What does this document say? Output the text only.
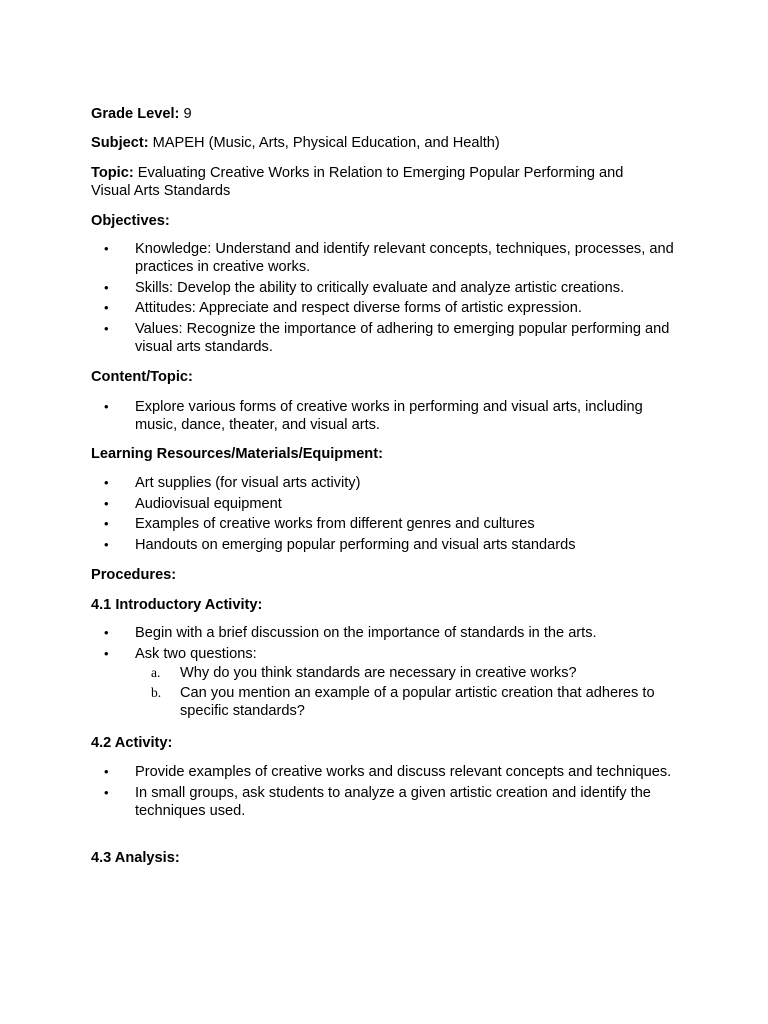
Grade Level: 9

Subject: MAPEH (Music, Arts, Physical Education, and Health)

Topic: Evaluating Creative Works in Relation to Emerging Popular Performing and Visual Arts Standards

Objectives:

• Knowledge: Understand and identify relevant concepts, techniques, processes, and practices in creative works.
• Skills: Develop the ability to critically evaluate and analyze artistic creations.
• Attitudes: Appreciate and respect diverse forms of artistic expression.
• Values: Recognize the importance of adhering to emerging popular performing and visual arts standards.

Content/Topic:

• Explore various forms of creative works in performing and visual arts, including music, dance, theater, and visual arts.

Learning Resources/Materials/Equipment:

• Art supplies (for visual arts activity)
• Audiovisual equipment
• Examples of creative works from different genres and cultures
• Handouts on emerging popular performing and visual arts standards

Procedures:

4.1 Introductory Activity:

• Begin with a brief discussion on the importance of standards in the arts.
• Ask two questions:
a. Why do you think standards are necessary in creative works?
b. Can you mention an example of a popular artistic creation that adheres to specific standards?

4.2 Activity:

• Provide examples of creative works and discuss relevant concepts and techniques.
• In small groups, ask students to analyze a given artistic creation and identify the techniques used.

4.3 Analysis:
